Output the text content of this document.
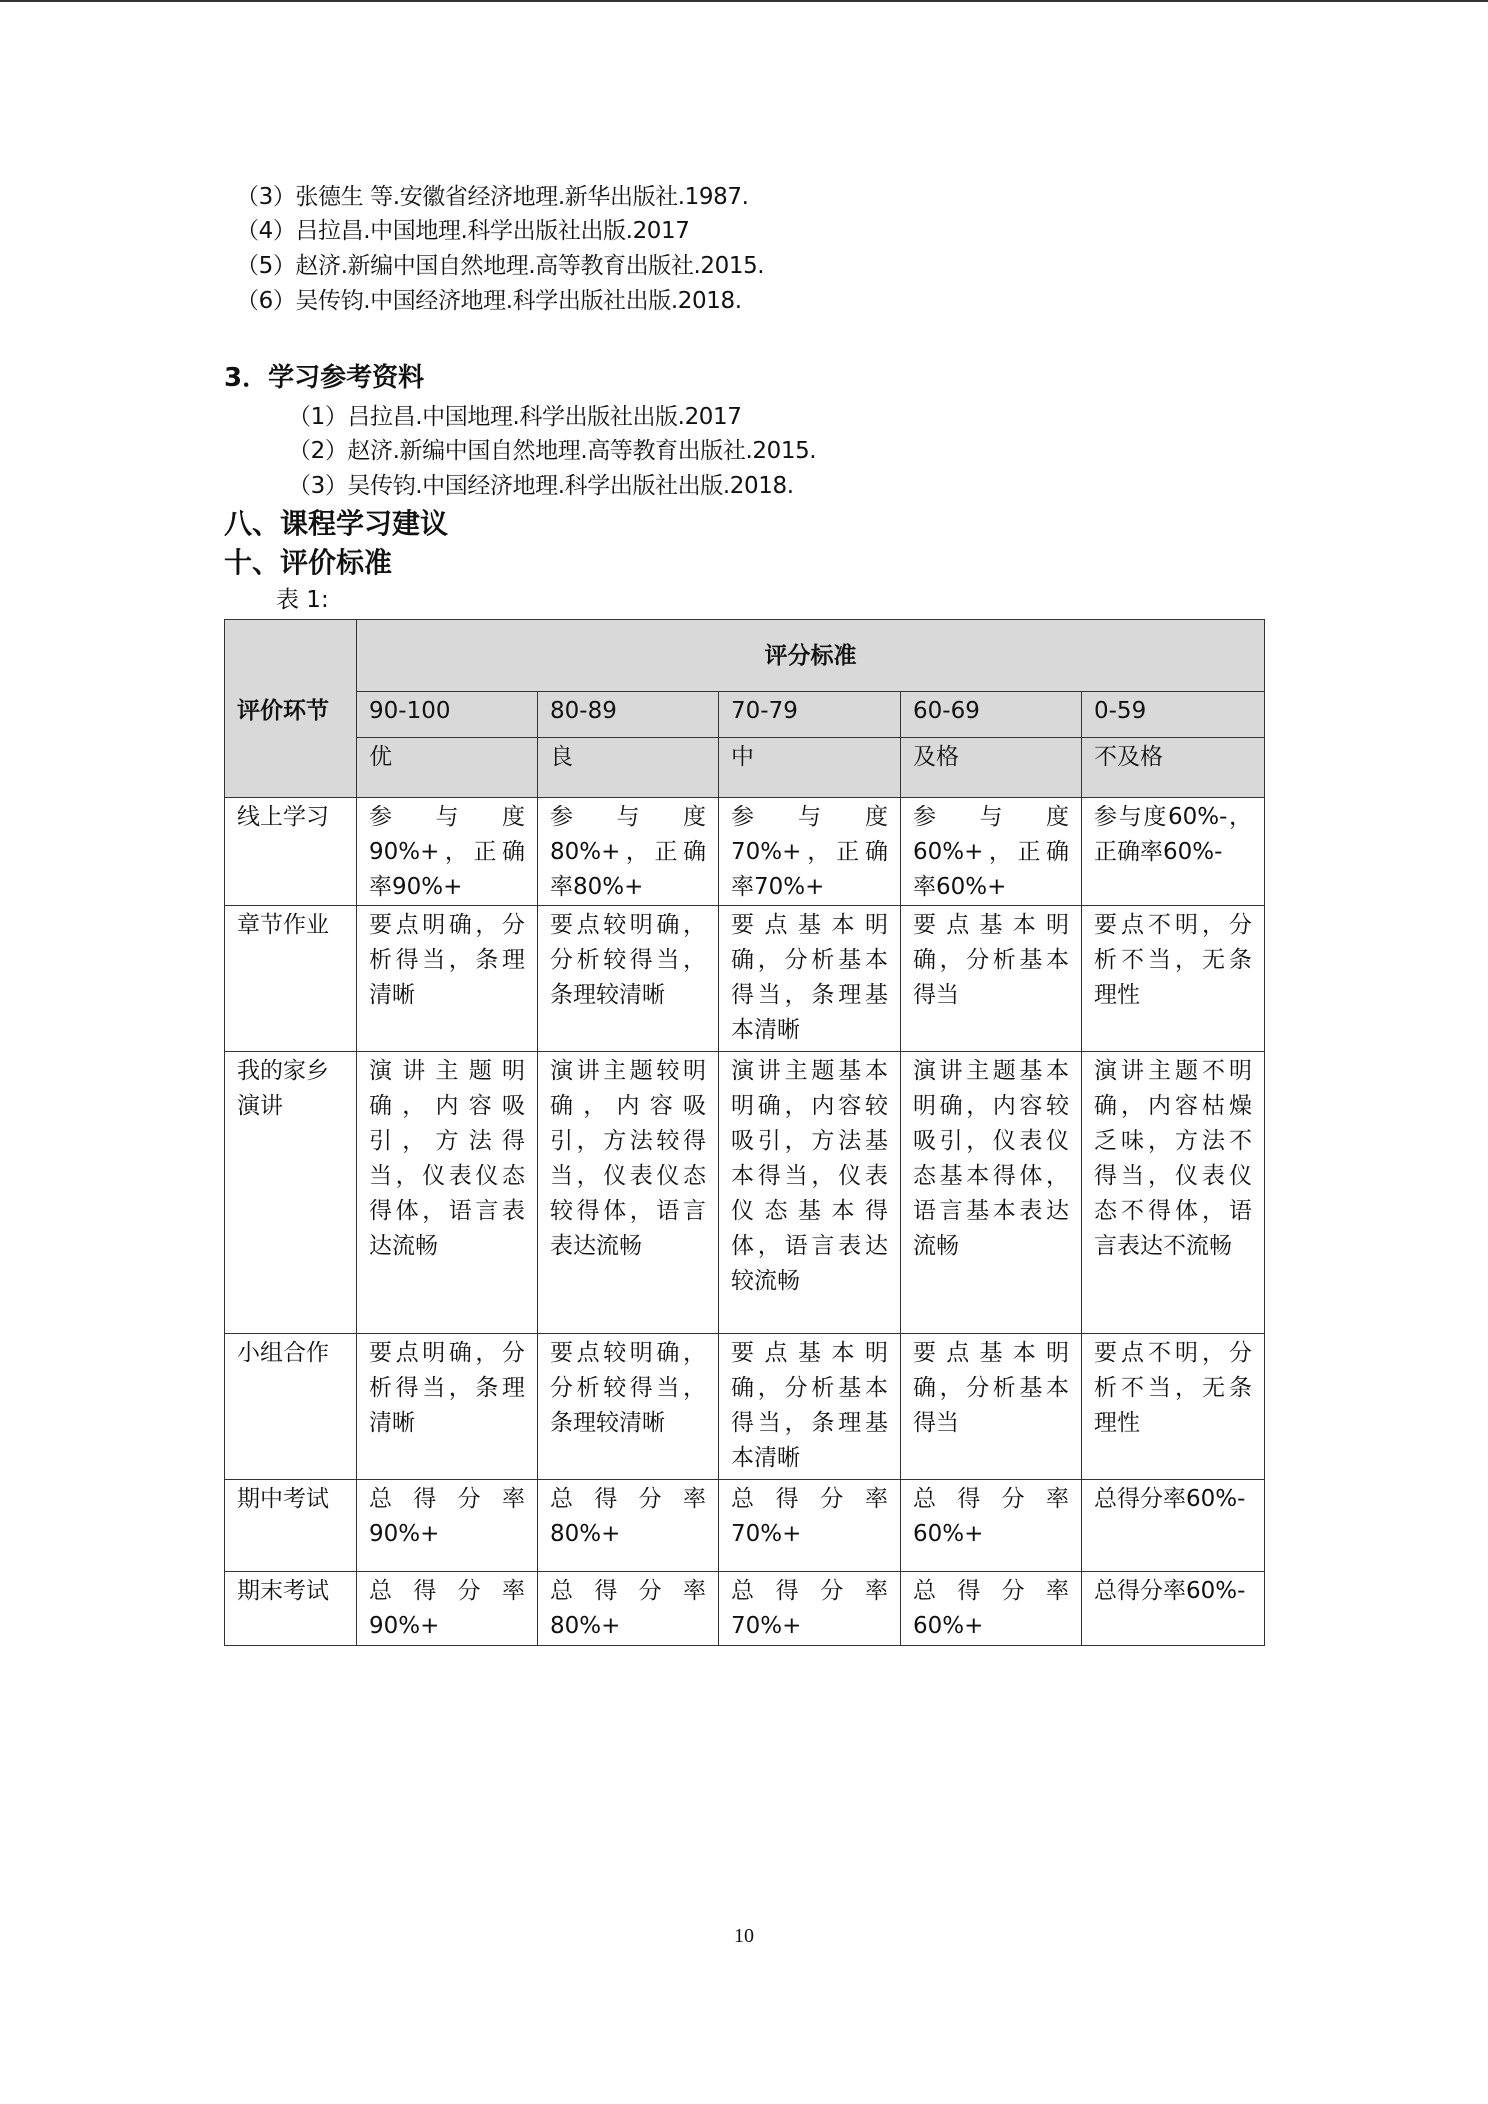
（3）张德生 等.安徽省经济地理.新华出版社.1987.
（4）吕拉昌.中国地理.科学出版社出版.2017
（5）赵济.新编中国自然地理.高等教育出版社.2015.
（6）吴传钧.中国经济地理.科学出版社出版.2018.
3．学习参考资料
（1）吕拉昌.中国地理.科学出版社出版.2017
（2）赵济.新编中国自然地理.高等教育出版社.2015.
（3）吴传钧.中国经济地理.科学出版社出版.2018.
八、课程学习建议
十、评价标准
表 1:
评价环节	评分标准				
	90-100	80-89	70-79	60-69	0-59
	优	良	中	及格	不及格
线上学习	参与度90%+，正确率90%+	参与度80%+，正确率80%+	参与度70%+，正确率70%+	参与度60%+，正确率60%+	参与度60%-，正确率60%-
章节作业	要点明确，分析得当，条理清晰	要点较明确，分析较得当，条理较清晰	要点基本明确，分析基本得当，条理基本清晰	要点基本明确，分析基本得当	要点不明，分析不当，无条理性
我的家乡演讲	演讲主题明确，内容吸引，方法得当，仪表仪态得体，语言表达流畅	演讲主题较明确，内容吸引，方法较得当，仪表仪态较得体，语言表达流畅	演讲主题基本明确，内容较吸引，方法基本得当，仪表仪态基本得体，语言表达较流畅	演讲主题基本明确，内容较吸引，仪表仪态基本得体，语言基本表达流畅	演讲主题不明确，内容枯燥乏味，方法不得当，仪表仪态不得体，语言表达不流畅
小组合作	要点明确，分析得当，条理清晰	要点较明确，分析较得当，条理较清晰	要点基本明确，分析基本得当，条理基本清晰	要点基本明确，分析基本得当	要点不明，分析不当，无条理性
期中考试	总得分率90%+	总得分率80%+	总得分率70%+	总得分率60%+	总得分率60%-
期末考试	总得分率90%+	总得分率80%+	总得分率70%+	总得分率60%+	总得分率60%-
10
